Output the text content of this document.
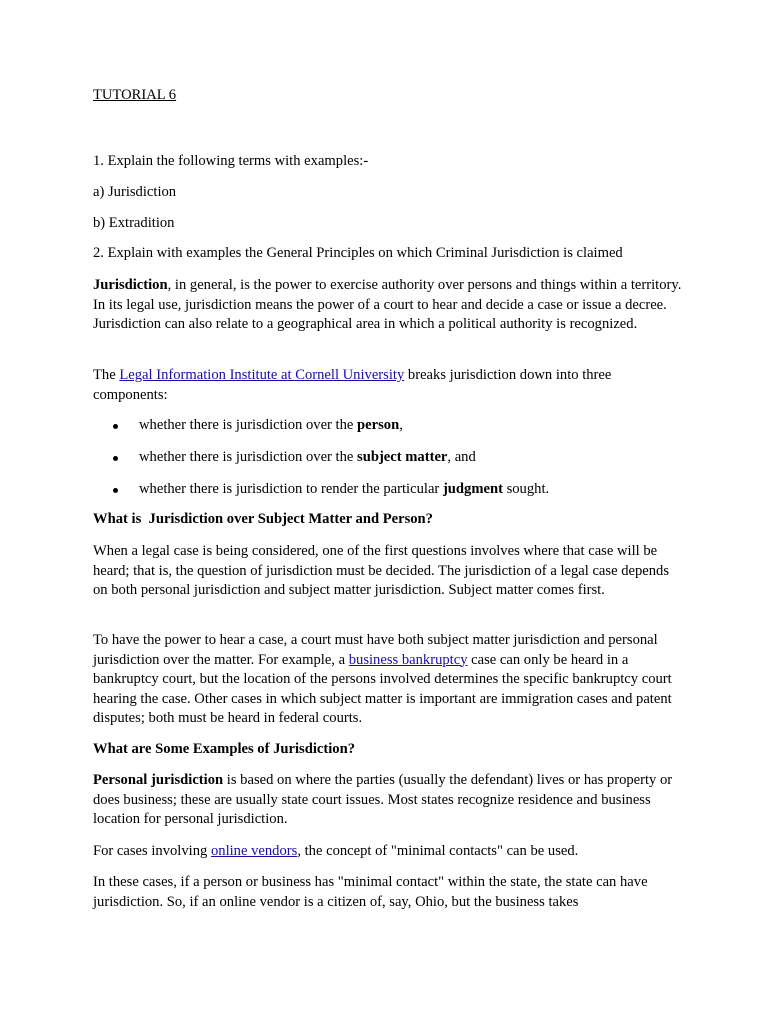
TUTORIAL 6

1. Explain the following terms with examples:-

a) Jurisdiction

b) Extradition

2. Explain with examples the General Principles on which Criminal Jurisdiction is claimed

Jurisdiction, in general, is the power to exercise authority over persons and things within a territory. In its legal use, jurisdiction means the power of a court to hear and decide a case or issue a decree. Jurisdiction can also relate to a geographical area in which a political authority is recognized.

The Legal Information Institute at Cornell University breaks jurisdiction down into three components:

whether there is jurisdiction over the person,
whether there is jurisdiction over the subject matter, and
whether there is jurisdiction to render the particular judgment sought.

What is  Jurisdiction over Subject Matter and Person?

When a legal case is being considered, one of the first questions involves where that case will be heard; that is, the question of jurisdiction must be decided. The jurisdiction of a legal case depends on both personal jurisdiction and subject matter jurisdiction. Subject matter comes first.

To have the power to hear a case, a court must have both subject matter jurisdiction and personal jurisdiction over the matter. For example, a business bankruptcy case can only be heard in a bankruptcy court, but the location of the persons involved determines the specific bankruptcy court hearing the case. Other cases in which subject matter is important are immigration cases and patent disputes; both must be heard in federal courts.

What are Some Examples of Jurisdiction?

Personal jurisdiction is based on where the parties (usually the defendant) lives or has property or does business; these are usually state court issues. Most states recognize residence and business location for personal jurisdiction.

For cases involving online vendors, the concept of "minimal contacts" can be used.

In these cases, if a person or business has "minimal contact" within the state, the state can have jurisdiction. So, if an online vendor is a citizen of, say, Ohio, but the business takes
